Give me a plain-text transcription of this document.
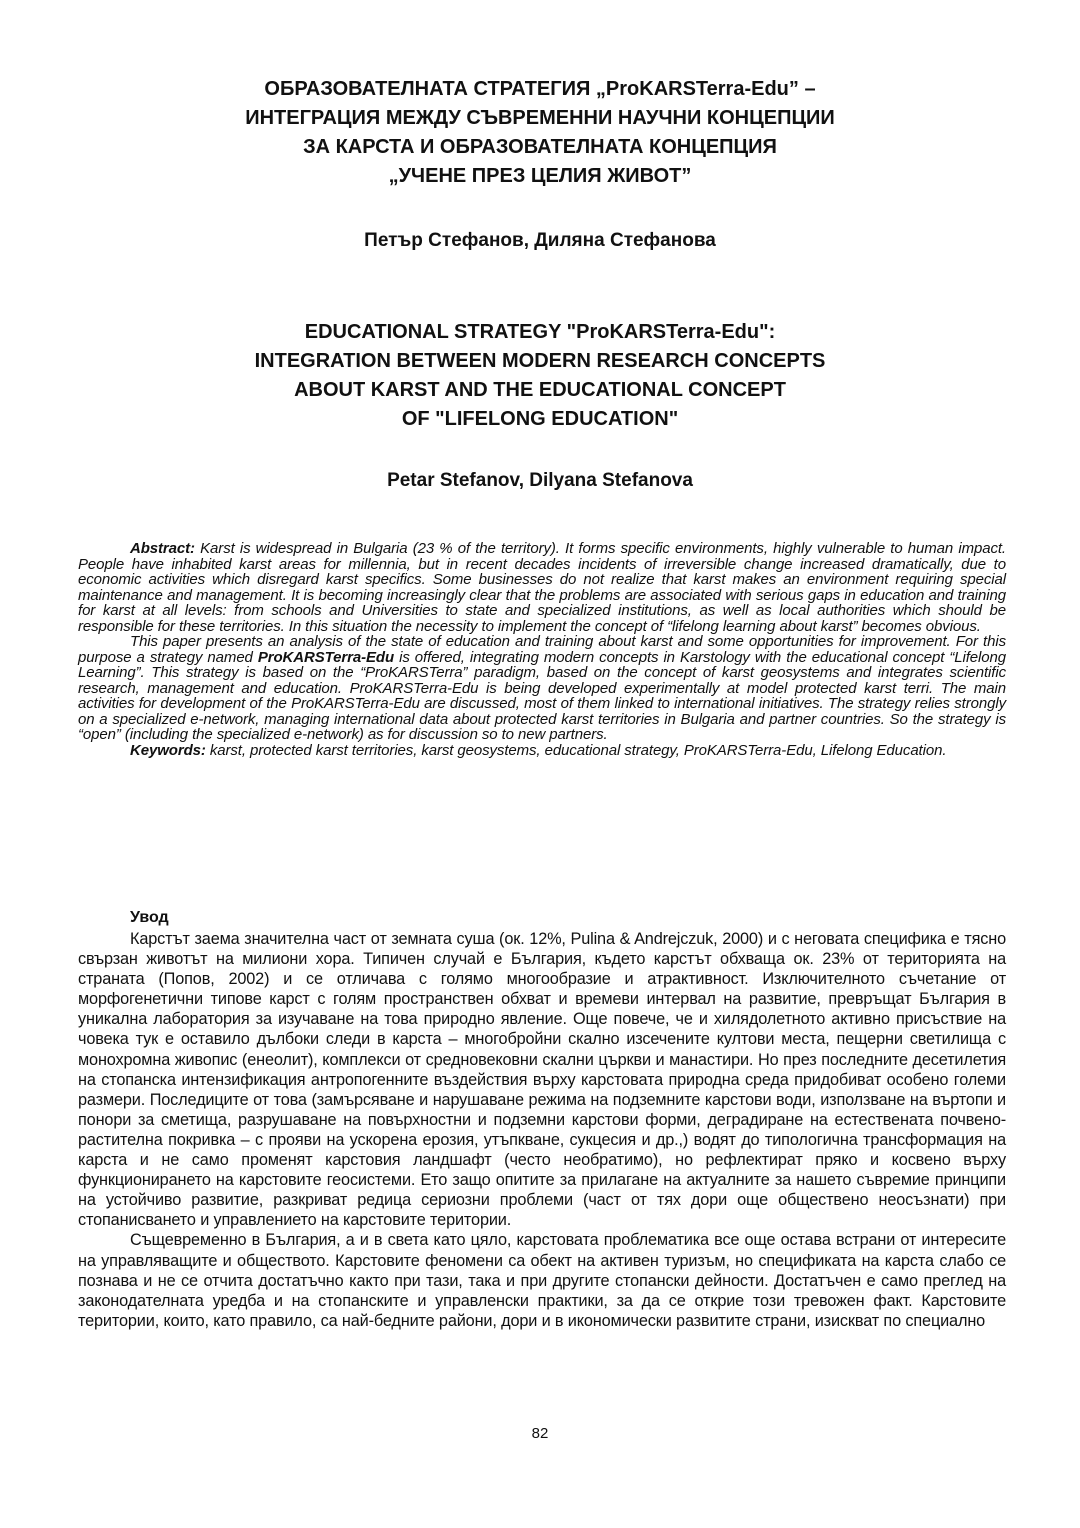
ОБРАЗОВАТЕЛНАТА СТРАТЕГИЯ „ProKARSTerra-Edu” –
ИНТЕГРАЦИЯ МЕЖДУ СЪВРЕМЕННИ НАУЧНИ КОНЦЕПЦИИ
ЗА КАРСТА И ОБРАЗОВАТЕЛНАТА КОНЦЕПЦИЯ
„УЧЕНЕ ПРЕЗ ЦЕЛИЯ ЖИВОТ”
Петър Стефанов, Диляна Стефанова
EDUCATIONAL STRATEGY "ProKARSTerra-Edu":
INTEGRATION BETWEEN MODERN RESEARCH CONCEPTS
ABOUT KARST AND THE EDUCATIONAL CONCEPT
OF "LIFELONG EDUCATION"
Petar Stefanov, Dilyana Stefanova

Abstract: Karst is widespread in Bulgaria (23 % of the territory). It forms specific environments, highly vulnerable to human impact. People have inhabited karst areas for millennia, but in recent decades incidents of irreversible change increased dramatically, due to economic activities which disregard karst specifics. Some businesses do not realize that karst makes an environment requiring special maintenance and management. It is becoming increasingly clear that the problems are associated with serious gaps in education and training for karst at all levels: from schools and Universities to state and specialized institutions, as well as local authorities which should be responsible for these territories. In this situation the necessity to implement the concept of “lifelong learning about karst” becomes obvious.

This paper presents an analysis of the state of education and training about karst and some opportunities for improvement. For this purpose a strategy named ProKARSTerra-Edu is offered, integrating modern concepts in Karstology with the educational concept “Lifelong Learning”. This strategy is based on the “ProKARSTerra” paradigm, based on the concept of karst geosystems and integrates scientific research, management and education. ProKARSTerra-Edu is being developed experimentally at model protected karst terri. The main activities for development of the ProKARSTerra-Edu are discussed, most of them linked to international initiatives. The strategy relies strongly on a specialized e-network, managing international data about protected karst territories in Bulgaria and partner countries. So the strategy is “open” (including the specialized e-network) as for discussion so to new partners.

Keywords: karst, protected karst territories, karst geosystems, educational strategy, ProKARSTerra-Edu, Lifelong Education.

Увод

Карстът заема значителна част от земната суша (ок. 12%, Pulina & Andrejczuk, 2000) и с неговата специфика е тясно свързан животът на милиони хора. Типичен случай е България, където карстът обхваща ок. 23% от територията на страната (Попов, 2002) и се отличава с голямо многообразие и атрактивност. Изключителното съчетание от морфогенетични типове карст с голям пространствен обхват и времеви интервал на развитие, превръщат България в уникална лаборатория за изучаване на това природно явление. Още повече, че и хилядолетното активно присъствие на човека тук е оставило дълбоки следи в карста – многобройни скално изсечените култови места, пещерни светилища с монохромна живопис (енеолит), комплекси от средновековни скални църкви и манастири. Но през последните десетилетия на стопанска интензификация антропогенните въздействия върху карстовата природна среда придобиват особено големи размери. Последиците от това (замърсяване и нарушаване режима на подземните карстови води, използване на въртопи и понори за сметища, разрушаване на повърхностни и подземни карстови форми, деградиране на естествената почвено-растителна покривка – с прояви на ускорена ерозия, утъпкване, сукцесия и др.,) водят до типологична трансформация на карста и не само променят карстовия ландшафт (често необратимо), но рефлектират пряко и косвено върху функционирането на карстовите геосистеми. Ето защо опитите за прилагане на актуалните за нашето съвремие принципи на устойчиво развитие, разкриват редица сериозни проблеми (част от тях дори още обществено неосъзнати) при стопанисването и управлението на карстовите територии.

Същевременно в България, а и в света като цяло, карстовата проблематика все още остава встрани от интересите на управляващите и обществото. Карстовите феномени са обект на активен туризъм, но спецификата на карста слабо се познава и не се отчита достатъчно както при тази, така и при другите стопански дейности. Достатъчен е само преглед на законодателната уредба и на стопанските и управленски практики, за да се открие този тревожен факт. Карстовите територии, които, като правило, са най-бедните райони, дори и в икономически развитите страни, изискват по специално

82
